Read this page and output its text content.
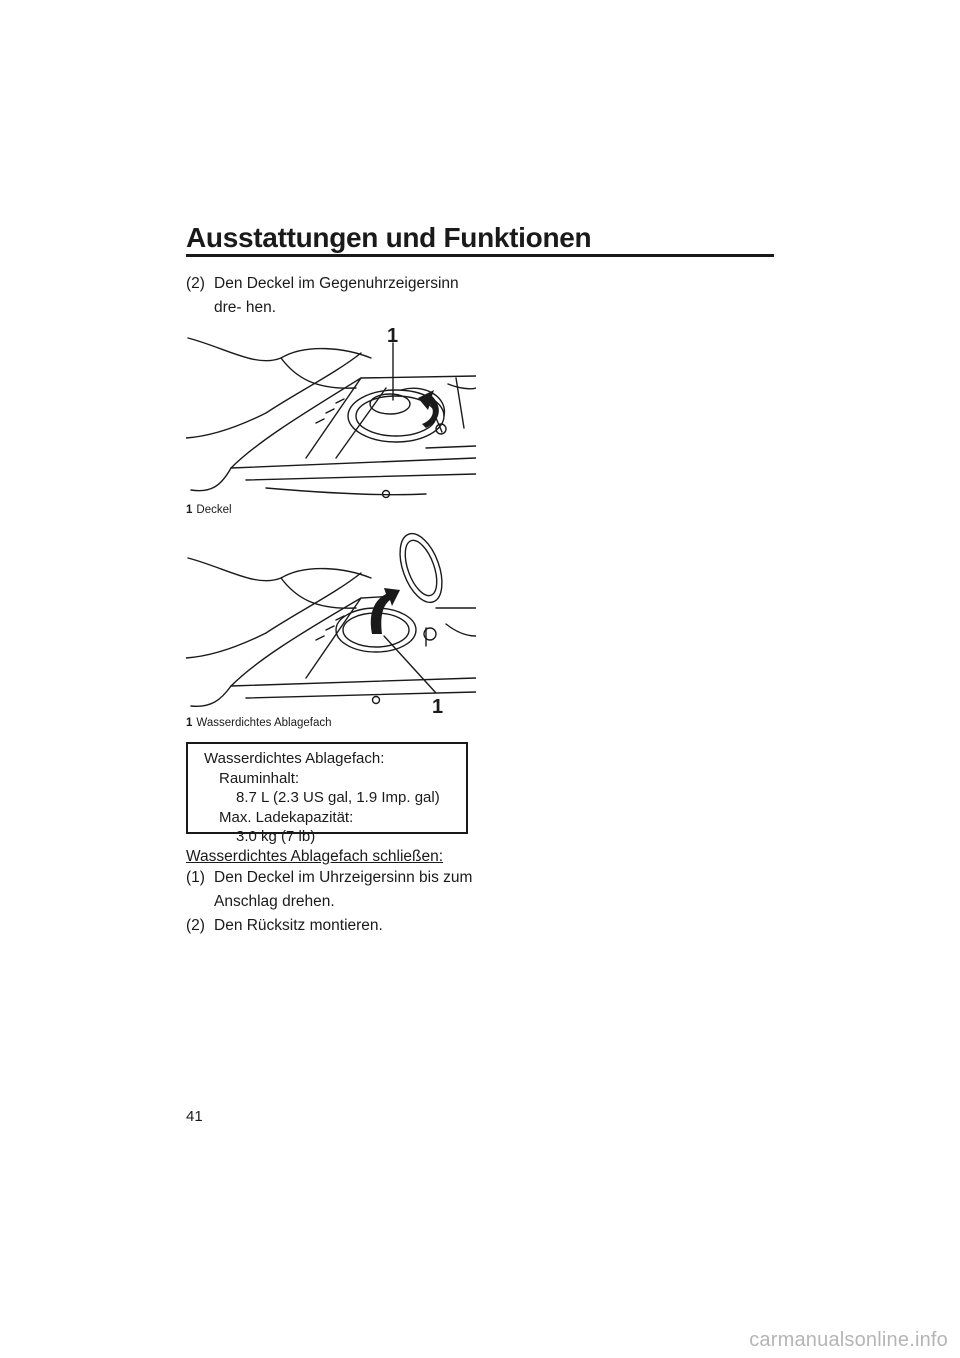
Ausstattungen und Funktionen
(2) Den Deckel im Gegenuhrzeigersinn dre- hen.
1
1 Deckel
1
1 Wasserdichtes Ablagefach
Wasserdichtes Ablagefach:
Rauminhalt:
8.7 L (2.3 US gal, 1.9 Imp. gal)
Max. Ladekapazität:
3.0 kg (7 lb)
Wasserdichtes Ablagefach schließen:
(1) Den Deckel im Uhrzeigersinn bis zum Anschlag drehen.
(2) Den Rücksitz montieren.
41
carmanualsonline.info
